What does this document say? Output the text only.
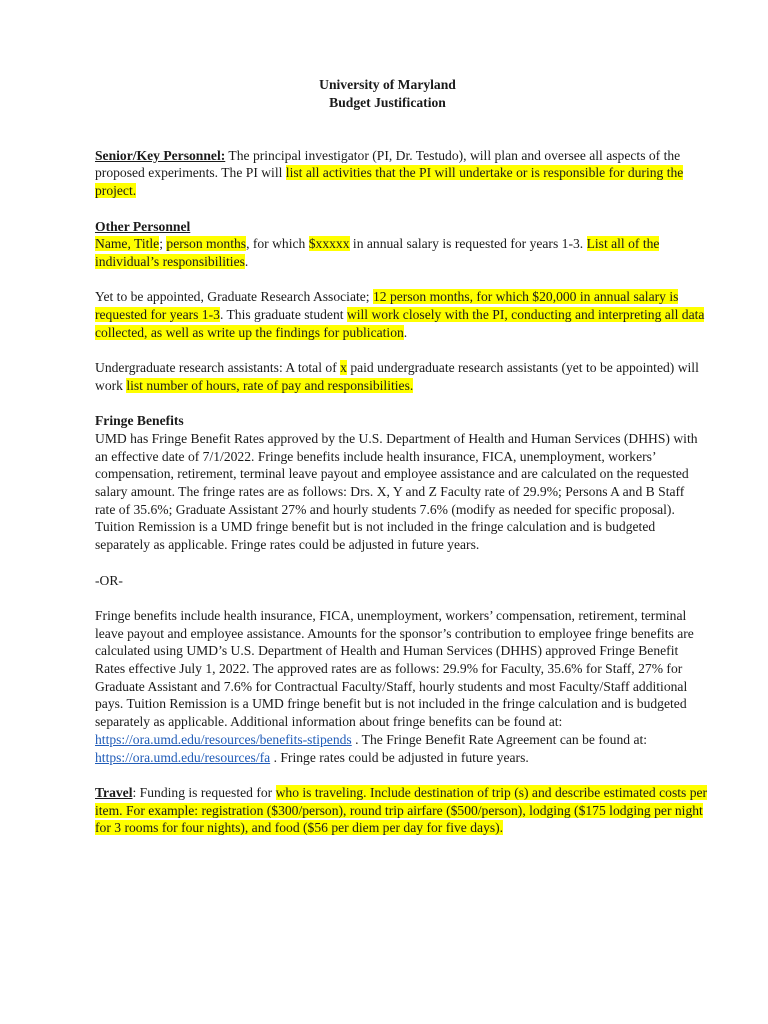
University of Maryland
Budget Justification

Senior/Key Personnel: The principal investigator (PI, Dr. Testudo), will plan and oversee all aspects of the proposed experiments. The PI will list all activities that the PI will undertake or is responsible for during the project.

Other Personnel

Name, Title; person months, for which $xxxxx in annual salary is requested for years 1-3. List all of the individual’s responsibilities.

Yet to be appointed, Graduate Research Associate; 12 person months, for which $20,000 in annual salary is requested for years 1-3. This graduate student will work closely with the PI, conducting and interpreting all data collected, as well as write up the findings for publication.

Undergraduate research assistants: A total of x paid undergraduate research assistants (yet to be appointed) will work list number of hours, rate of pay and responsibilities.

Fringe Benefits

UMD has Fringe Benefit Rates approved by the U.S. Department of Health and Human Services (DHHS) with an effective date of 7/1/2022. Fringe benefits include health insurance, FICA, unemployment, workers’ compensation, retirement, terminal leave payout and employee assistance and are calculated on the requested salary amount. The fringe rates are as follows: Drs. X, Y and Z Faculty rate of 29.9%; Persons A and B Staff rate of 35.6%; Graduate Assistant 27% and hourly students 7.6% (modify as needed for specific proposal). Tuition Remission is a UMD fringe benefit but is not included in the fringe calculation and is budgeted separately as applicable. Fringe rates could be adjusted in future years.

-OR-

Fringe benefits include health insurance, FICA, unemployment, workers’ compensation, retirement, terminal leave payout and employee assistance. Amounts for the sponsor’s contribution to employee fringe benefits are calculated using UMD’s U.S. Department of Health and Human Services (DHHS) approved Fringe Benefit Rates effective July 1, 2022. The approved rates are as follows: 29.9% for Faculty, 35.6% for Staff, 27% for Graduate Assistant and 7.6% for Contractual Faculty/Staff, hourly students and most Faculty/Staff additional pays. Tuition Remission is a UMD fringe benefit but is not included in the fringe calculation and is budgeted separately as applicable. Additional information about fringe benefits can be found at: https://ora.umd.edu/resources/benefits-stipends . The Fringe Benefit Rate Agreement can be found at: https://ora.umd.edu/resources/fa . Fringe rates could be adjusted in future years.

Travel: Funding is requested for who is traveling. Include destination of trip (s) and describe estimated costs per item. For example: registration ($300/person), round trip airfare ($500/person), lodging ($175 lodging per night for 3 rooms for four nights), and food ($56 per diem per day for five days).
